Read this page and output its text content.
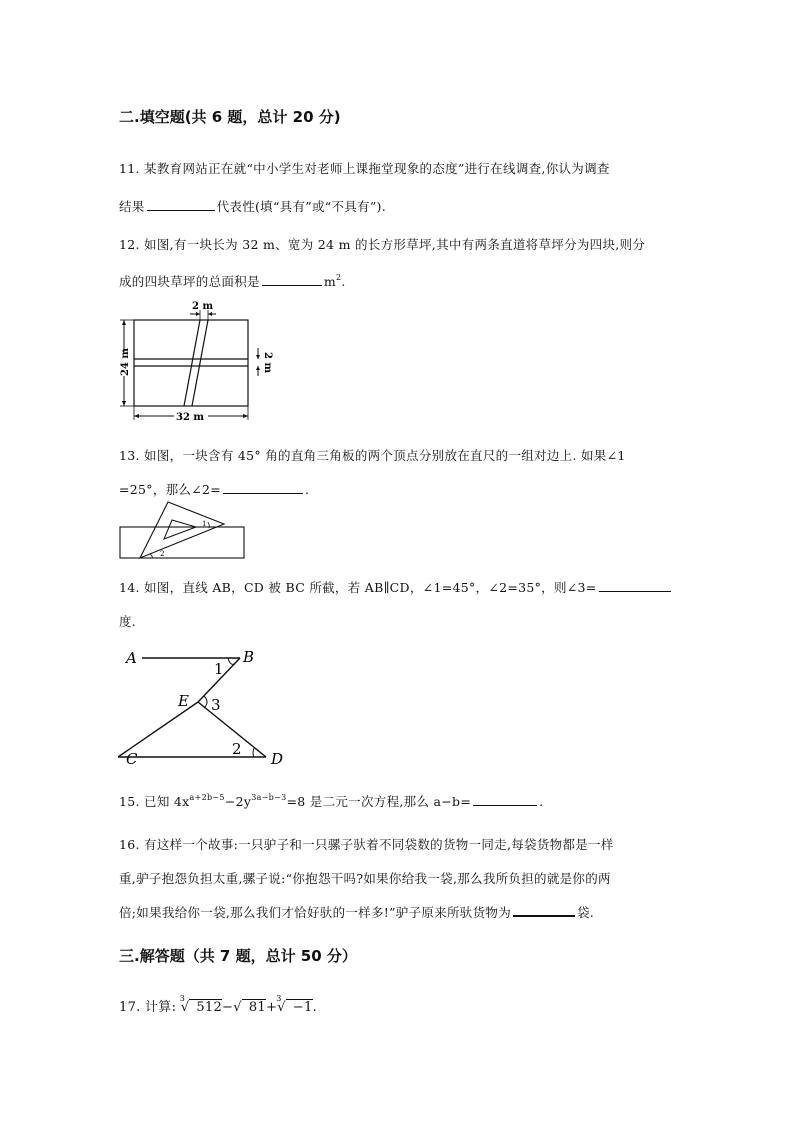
二.填空题(共 6 题，总计 20 分)
11. 某教育网站正在就“中小学生对老师上课拖堂现象的态度”进行在线调查,你认为调查
结果	代表性(填“具有”或“不具有”).
12. 如图,有一块长为 32 m、宽为 24 m 的长方形草坪,其中有两条直道将草坪分为四块,则分
成的四块草坪的总面积是	$m^2$.
2 m
2 m
24 m
32 m
13. 如图，一块含有 45° 角的直角三角板的两个顶点分别放在直尺的一组对边上. 如果∠1
=25°，那么∠2=	.
1
2
14. 如图，直线 AB，CD 被 BC 所截，若 AB∥CD，∠1=45°，∠2=35°，则∠3=
度.
A	B
E
C	D
1
3
2
15. 已知 $4x^{a+2b-5}-2y^{3a-b-3}=8$ 是二元一次方程,那么 a−b=	.
16. 有这样一个故事:一只驴子和一只骡子驮着不同袋数的货物一同走,每袋货物都是一样
重,驴子抱怨负担太重,骡子说:“你抱怨干吗?如果你给我一袋,那么我所负担的就是你的两
倍;如果我给你一袋,那么我们才恰好驮的一样多!”驴子原来所驮货物为	袋.
三.解答题（共 7 题，总计 50 分）
17. 计算:
3
√ 512−√ 81+
3
√ −1.
